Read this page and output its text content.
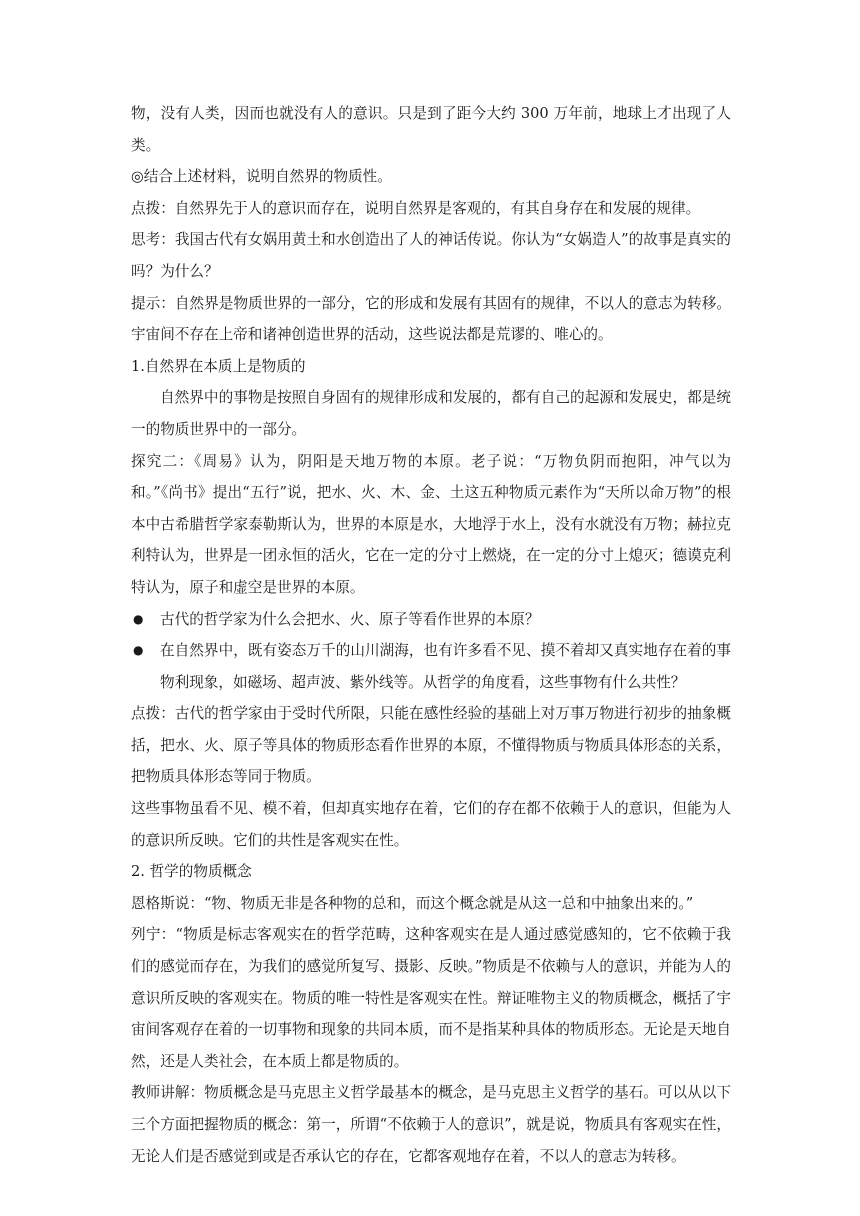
物，没有人类，因而也就没有人的意识。只是到了距今大约 300 万年前，地球上才出现了人类。

◎结合上述材料，说明自然界的物质性。

点拨：自然界先于人的意识而存在，说明自然界是客观的，有其自身存在和发展的规律。

思考：我国古代有女娲用黄土和水创造出了人的神话传说。你认为“女娲造人”的故事是真实的吗？为什么？

提示：自然界是物质世界的一部分，它的形成和发展有其固有的规律，不以人的意志为转移。宇宙间不存在上帝和诸神创造世界的活动，这些说法都是荒谬的、唯心的。

1.自然界在本质上是物质的

自然界中的事物是按照自身固有的规律形成和发展的，都有自己的起源和发展史，都是统一的物质世界中的一部分。

探究二：《周易》认为，阴阳是天地万物的本原。老子说：“万物负阴而抱阳，冲气以为和。”《尚书》提出“五行”说，把水、火、木、金、土这五种物质元素作为“天所以命万物”的根本中古希腊哲学家泰勒斯认为，世界的本原是水，大地浮于水上，没有水就没有万物；赫拉克利特认为，世界是一团永恒的活火，它在一定的分寸上燃烧，在一定的分寸上熄灭；德谟克利特认为，原子和虚空是世界的本原。

● 古代的哲学家为什么会把水、火、原子等看作世界的本原？
● 在自然界中，既有姿态万千的山川湖海，也有许多看不见、摸不着却又真实地存在着的事物利现象，如磁场、超声波、紫外线等。从哲学的角度看，这些事物有什么共性？

点拨：古代的哲学家由于受时代所限，只能在感性经验的基础上对万事万物进行初步的抽象概括，把水、火、原子等具体的物质形态看作世界的本原，不懂得物质与物质具体形态的关系，把物质具体形态等同于物质。

这些事物虽看不见、模不着，但却真实地存在着，它们的存在都不依赖于人的意识，但能为人的意识所反映。它们的共性是客观实在性。

2. 哲学的物质概念

恩格斯说：“物、物质无非是各种物的总和，而这个概念就是从这一总和中抽象出来的。”

列宁：“物质是标志客观实在的哲学范畴，这种客观实在是人通过感觉感知的，它不依赖于我们的感觉而存在，为我们的感觉所复写、摄影、反映。”物质是不依赖与人的意识，并能为人的意识所反映的客观实在。物质的唯一特性是客观实在性。辩证唯物主义的物质概念，概括了宇宙间客观存在着的一切事物和现象的共同本质，而不是指某种具体的物质形态。无论是天地自然，还是人类社会，在本质上都是物质的。

教师讲解：物质概念是马克思主义哲学最基本的概念，是马克思主义哲学的基石。可以从以下三个方面把握物质的概念：第一，所谓“不依赖于人的意识”，就是说，物质具有客观实在性，无论人们是否感觉到或是否承认它的存在，它都客观地存在着，不以人的意志为转移。
